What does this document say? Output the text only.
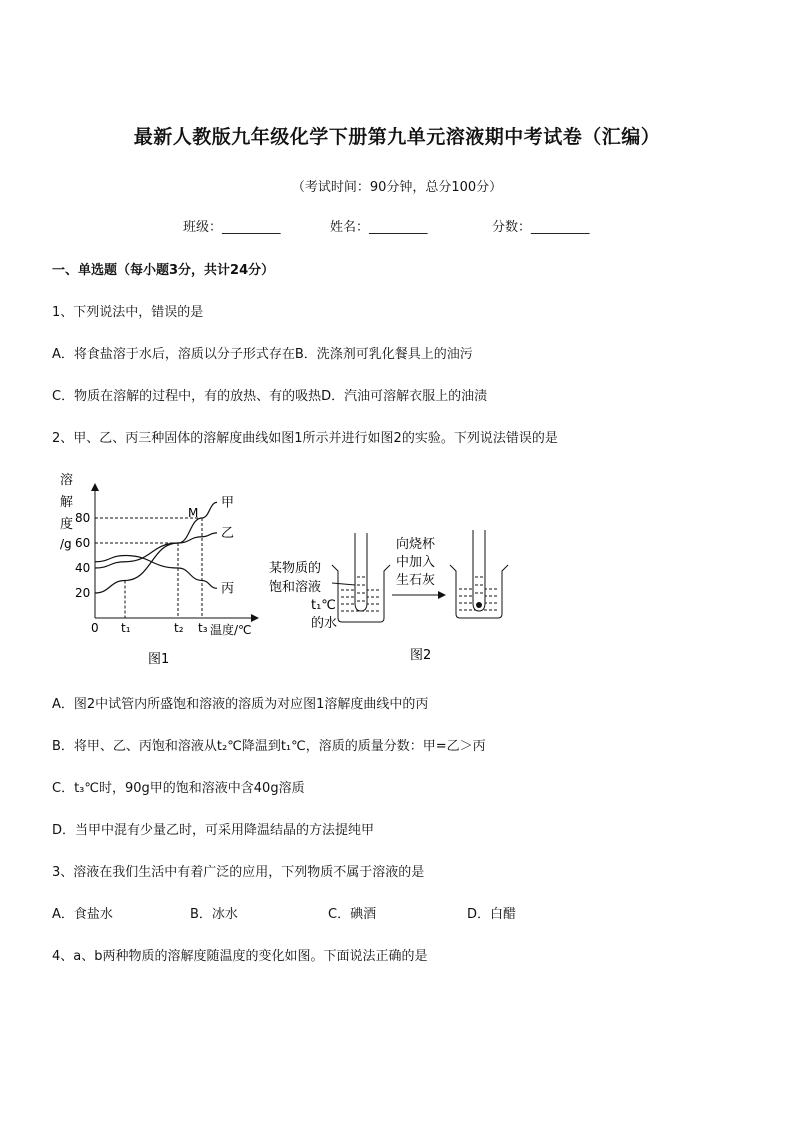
最新人教版九年级化学下册第九单元溶液期中考试卷（汇编）
（考试时间：90分钟，总分100分）
班级：_________	姓名：_________	分数：_________
一、单选题（每小题3分，共计24分）
1、下列说法中，错误的是
A．将食盐溶于水后，溶质以分子形式存在B．洗涤剂可乳化餐具上的油污
C．物质在溶解的过程中，有的放热、有的吸热D．汽油可溶解衣服上的油渍
2、甲、乙、丙三种固体的溶解度曲线如图1所示并进行如图2的实验。下列说法错误的是
溶
解
度
/g
80
60
40
20
0 t₁	t₂ t₃
甲
乙
丙
M
温度/℃
图1
某物质的
饱和溶液
t₁℃
的水
向烧杯
中加入
生石灰
图2
A．图2中试管内所盛饱和溶液的溶质为对应图1溶解度曲线中的丙
B．将甲、乙、丙饱和溶液从t₂℃降温到t₁℃，溶质的质量分数：甲=乙＞丙
C．t₃℃时，90g甲的饱和溶液中含40g溶质
D．当甲中混有少量乙时，可采用降温结晶的方法提纯甲
3、溶液在我们生活中有着广泛的应用，下列物质不属于溶液的是
A．食盐水	B．冰水	C．碘酒	D．白醋
4、a、b两种物质的溶解度随温度的变化如图。下面说法正确的是
